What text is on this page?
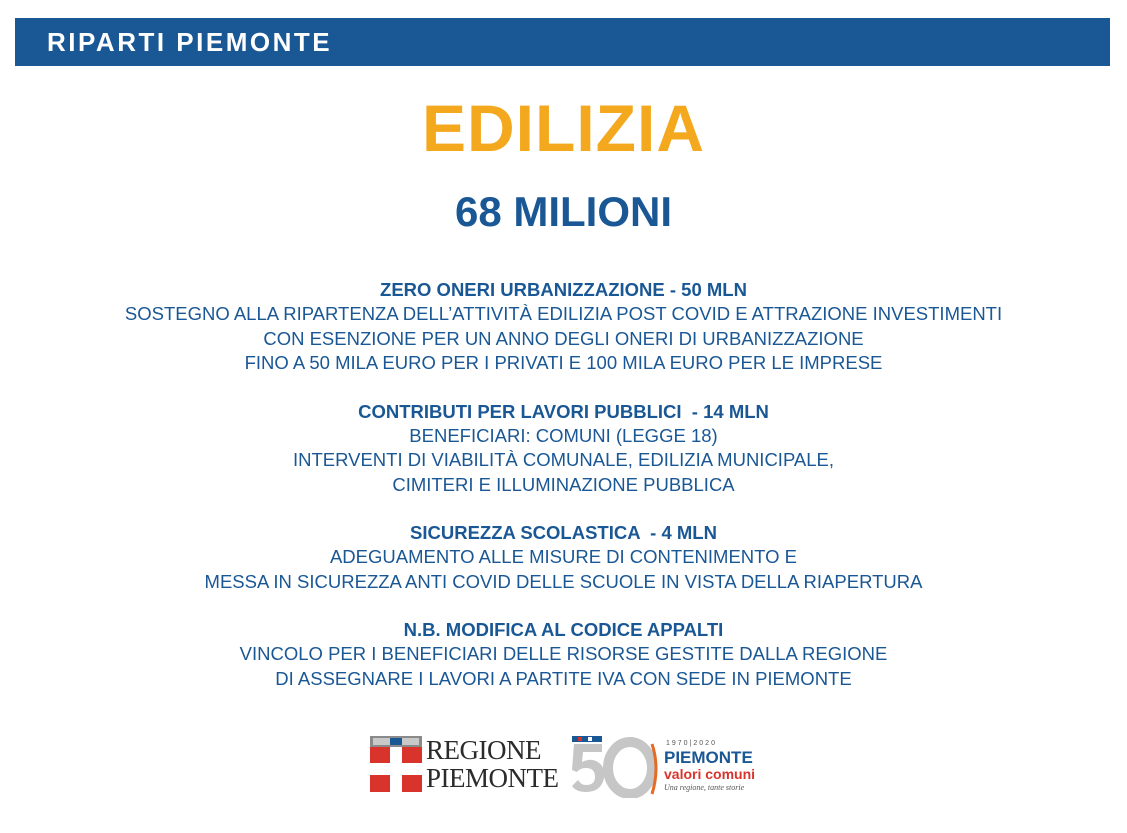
RIPARTI PIEMONTE
EDILIZIA
68 MILIONI
ZERO ONERI URBANIZZAZIONE - 50 MLN
SOSTEGNO ALLA RIPARTENZA DELL’ATTIVITÀ EDILIZIA POST COVID E ATTRAZIONE INVESTIMENTI
CON ESENZIONE PER UN ANNO DEGLI ONERI DI URBANIZZAZIONE
FINO A 50 MILA EURO PER I PRIVATI E 100 MILA EURO PER LE IMPRESE
CONTRIBUTI PER LAVORI PUBBLICI  - 14 MLN
BENEFICIARI: COMUNI (LEGGE 18)
INTERVENTI DI VIABILITÀ COMUNALE, EDILIZIA MUNICIPALE,
CIMITERI E ILLUMINAZIONE PUBBLICA
SICUREZZA SCOLASTICA  - 4 MLN
ADEGUAMENTO ALLE MISURE DI CONTENIMENTO E
MESSA IN SICUREZZA ANTI COVID DELLE SCUOLE IN VISTA DELLA RIAPERTURA
N.B. MODIFICA AL CODICE APPALTI
VINCOLO PER I BENEFICIARI DELLE RISORSE GESTITE DALLA REGIONE
DI ASSEGNARE I LAVORI A PARTITE IVA CON SEDE IN PIEMONTE
REGIONE
PIEMONTE
1970|2020
PIEMONTE
valori comuni
Una regione, tante storie
